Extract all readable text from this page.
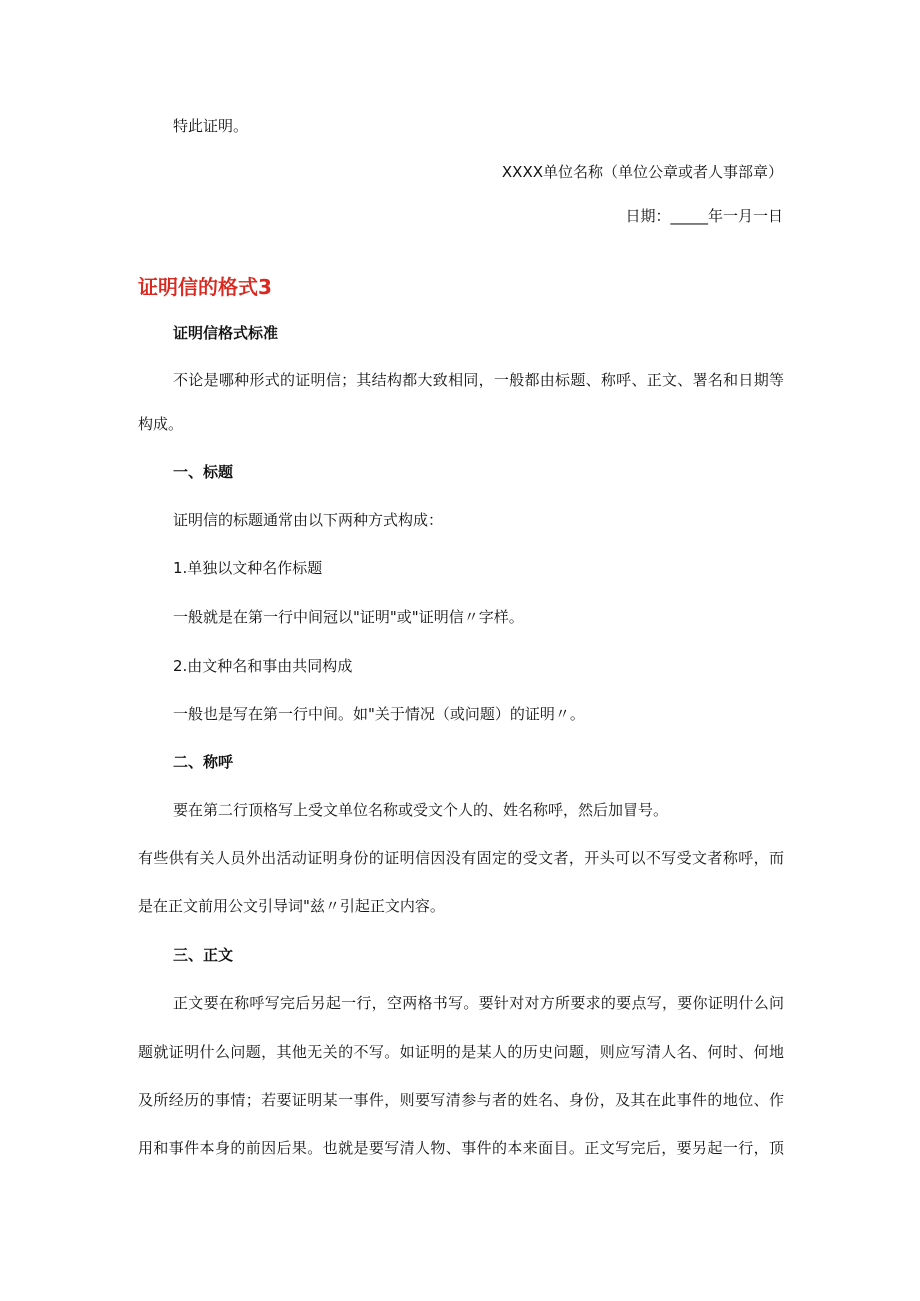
特此证明。

XXXX单位名称（单位公章或者人事部章）

日期：_____年一月一日

证明信的格式3

证明信格式标准

不论是哪种形式的证明信；其结构都大致相同，一般都由标题、称呼、正文、署名和日期等

构成。

一、标题

证明信的标题通常由以下两种方式构成：

1.单独以文种名作标题

一般就是在第一行中间冠以"证明"或"证明信〃字样。

2.由文种名和事由共同构成

一般也是写在第一行中间。如"关于情况（或问题）的证明〃。

二、称呼

要在第二行顶格写上受文单位名称或受文个人的、姓名称呼，然后加冒号。

有些供有关人员外出活动证明身份的证明信因没有固定的受文者，开头可以不写受文者称呼，而

是在正文前用公文引导词"兹〃引起正文内容。

三、正文

正文要在称呼写完后另起一行，空两格书写。要针对对方所要求的要点写，要你证明什么问

题就证明什么问题，其他无关的不写。如证明的是某人的历史问题，则应写清人名、何时、何地

及所经历的事情；若要证明某一事件，则要写清参与者的姓名、身份，及其在此事件的地位、作

用和事件本身的前因后果。也就是要写清人物、事件的本来面目。正文写完后，要另起一行，顶
